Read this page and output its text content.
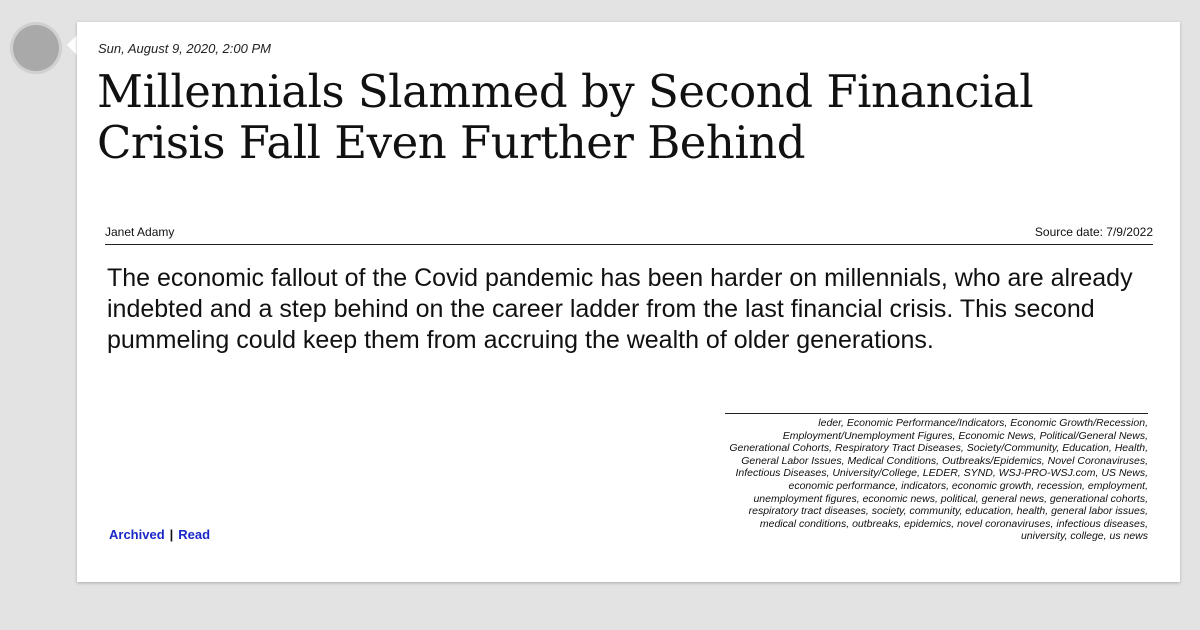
Sun, August 9, 2020, 2:00 PM
Millennials Slammed by Second Financial Crisis Fall Even Further Behind
Janet Adamy	Source date: 7/9/2022

The economic fallout of the Covid pandemic has been harder on millennials, who are already indebted and a step behind on the career ladder from the last financial crisis. This second pummeling could keep them from accruing the wealth of older generations.

leder, Economic Performance/Indicators, Economic Growth/Recession, Employment/Unemployment Figures, Economic News, Political/General News, Generational Cohorts, Respiratory Tract Diseases, Society/Community, Education, Health, General Labor Issues, Medical Conditions, Outbreaks/Epidemics, Novel Coronaviruses, Infectious Diseases, University/College, LEDER, SYND, WSJ-PRO-WSJ.com, US News, economic performance, indicators, economic growth, recession, employment, unemployment figures, economic news, political, general news, generational cohorts, respiratory tract diseases, society, community, education, health, general labor issues, medical conditions, outbreaks, epidemics, novel coronaviruses, infectious diseases, university, college, us news
Archived | Read
